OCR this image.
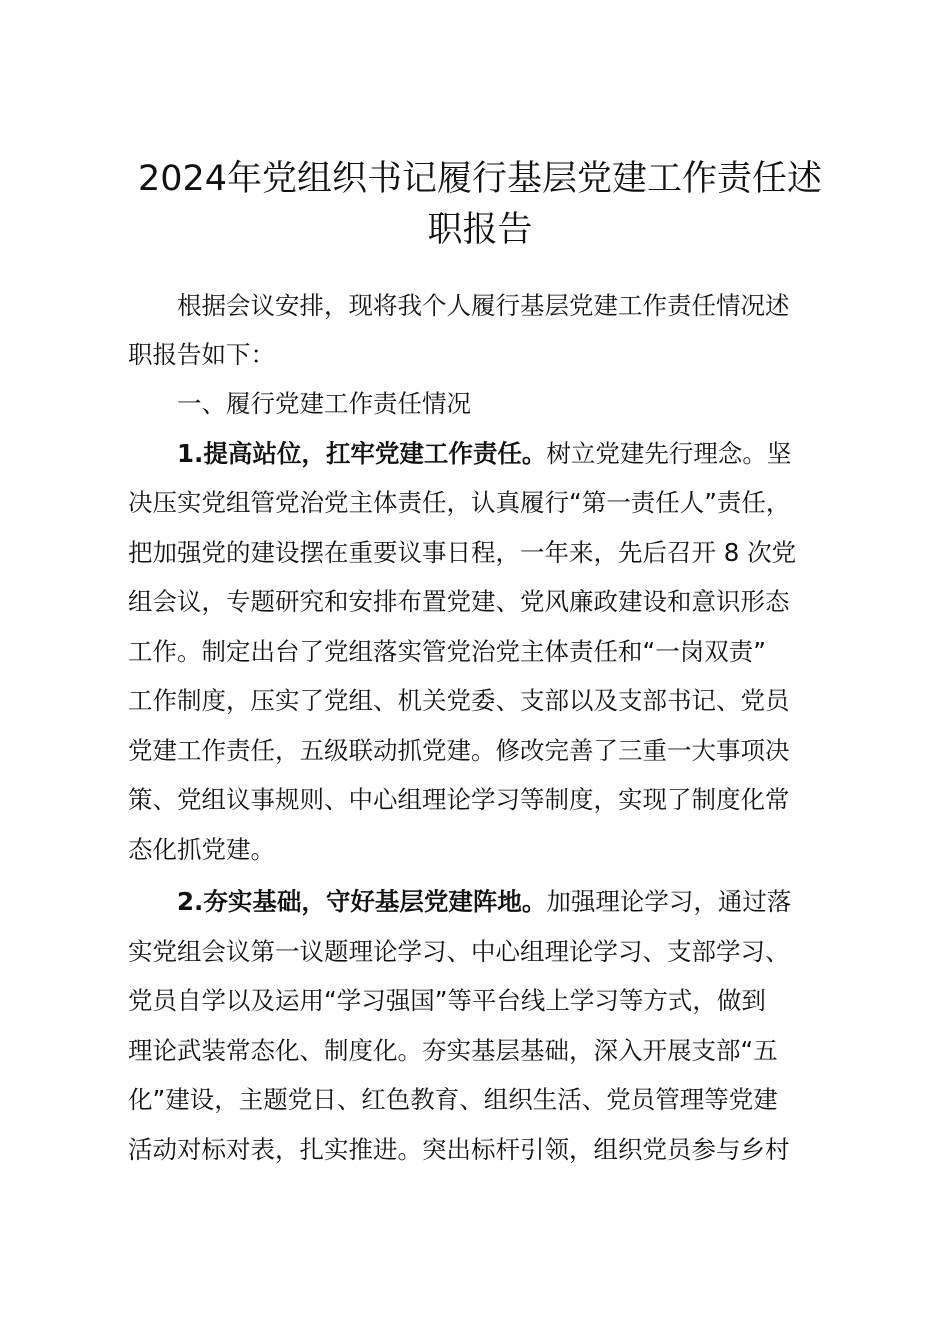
2024年党组织书记履行基层党建工作责任述
职报告

根据会议安排，现将我个人履行基层党建工作责任情况述

职报告如下：

一、履行党建工作责任情况

1.提高站位，扛牢党建工作责任。树立党建先行理念。坚

决压实党组管党治党主体责任，认真履行“第一责任人”责任，

把加强党的建设摆在重要议事日程，一年来，先后召开 8 次党

组会议，专题研究和安排布置党建、党风廉政建设和意识形态

工作。制定出台了党组落实管党治党主体责任和“一岗双责”

工作制度，压实了党组、机关党委、支部以及支部书记、党员

党建工作责任，五级联动抓党建。修改完善了三重一大事项决

策、党组议事规则、中心组理论学习等制度，实现了制度化常

态化抓党建。

2.夯实基础，守好基层党建阵地。加强理论学习，通过落

实党组会议第一议题理论学习、中心组理论学习、支部学习、

党员自学以及运用“学习强国”等平台线上学习等方式，做到

理论武装常态化、制度化。夯实基层基础，深入开展支部“五

化”建设，主题党日、红色教育、组织生活、党员管理等党建

活动对标对表，扎实推进。突出标杆引领，组织党员参与乡村
